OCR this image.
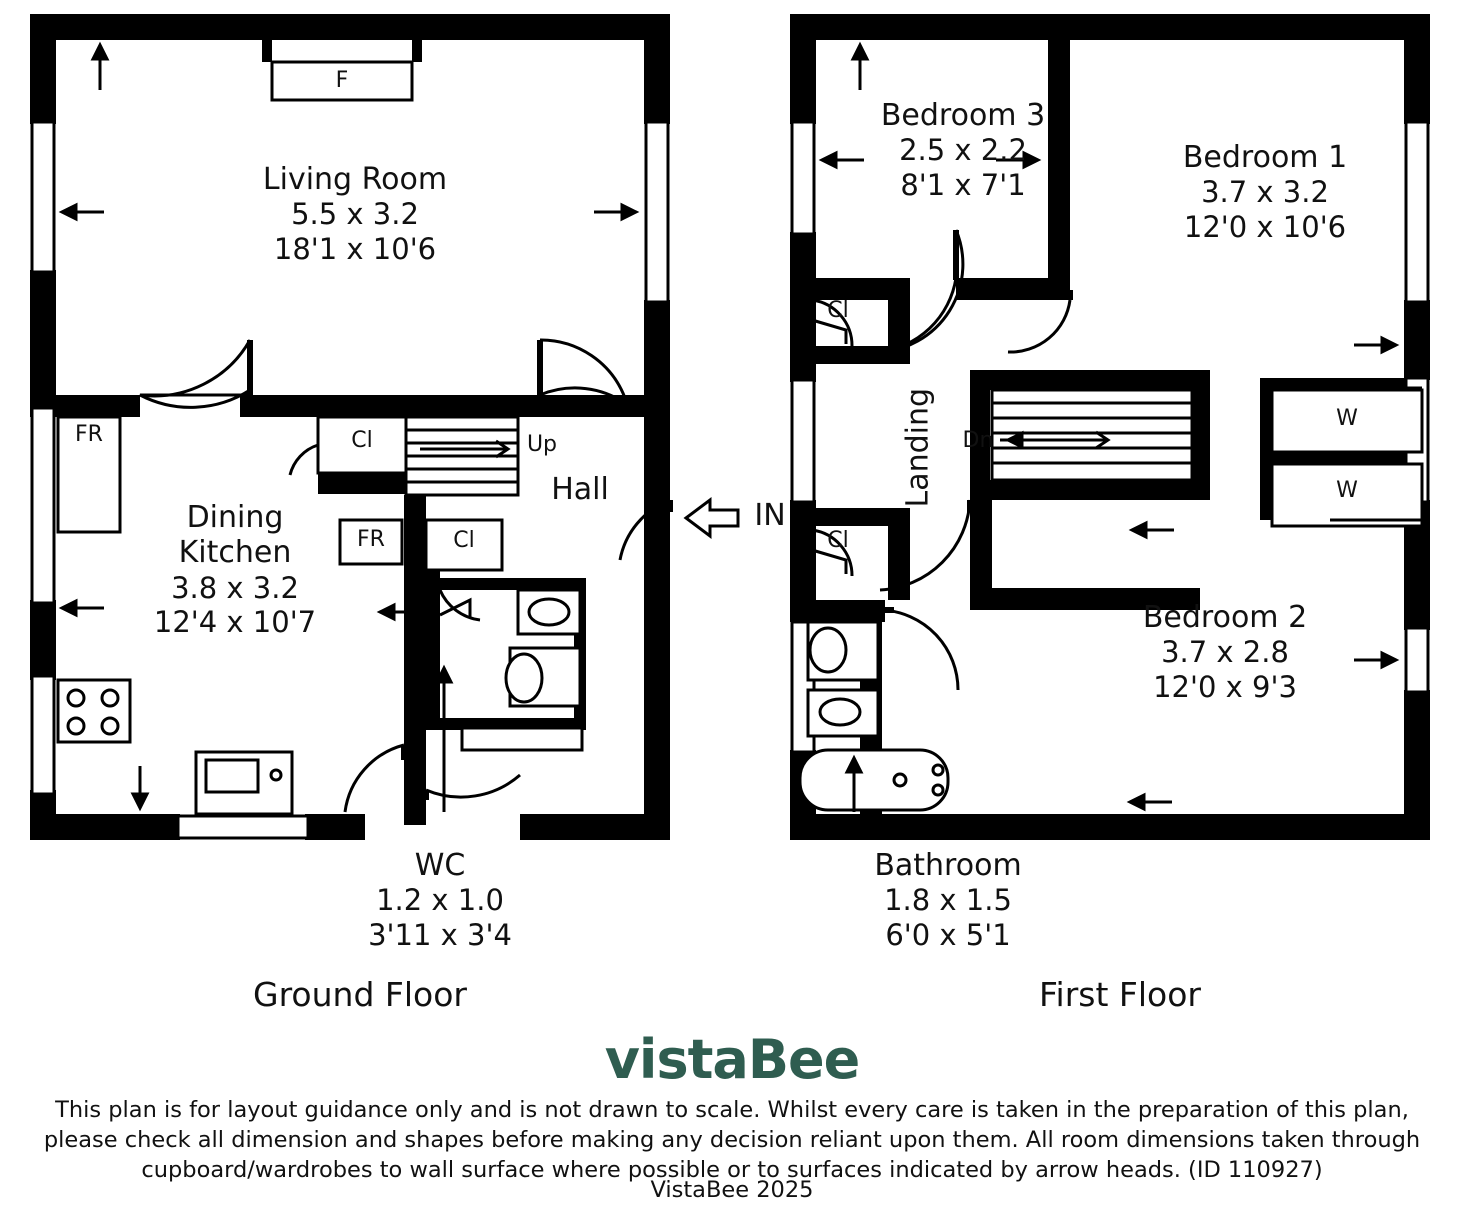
Living Room
5.5 x 3.2
18'1 x 10'6
Dining
Kitchen
3.8 x 3.2
12'4 x 10'7
Hall
F
FR
FR
Cl
Cl
Up
IN
WC
1.2 x 1.0
3'11 x 3'4
Ground Floor
Bedroom 3
2.5 x 2.2
8'1 x 7'1
Bedroom 1
3.7 x 3.2
12'0 x 10'6
Bedroom 2
3.7 x 2.8
12'0 x 9'3
Landing
Cl
Cl
Dn
W
W
Bathroom
1.8 x 1.5
6'0 x 5'1
First Floor
vistaBee
This plan is for layout guidance only and is not drawn to scale. Whilst every care is taken in the preparation of this plan,
please check all dimension and shapes before making any decision reliant upon them. All room dimensions taken through
cupboard/wardrobes to wall surface where possible or to surfaces indicated by arrow heads. (ID 110927)
VistaBee 2025
